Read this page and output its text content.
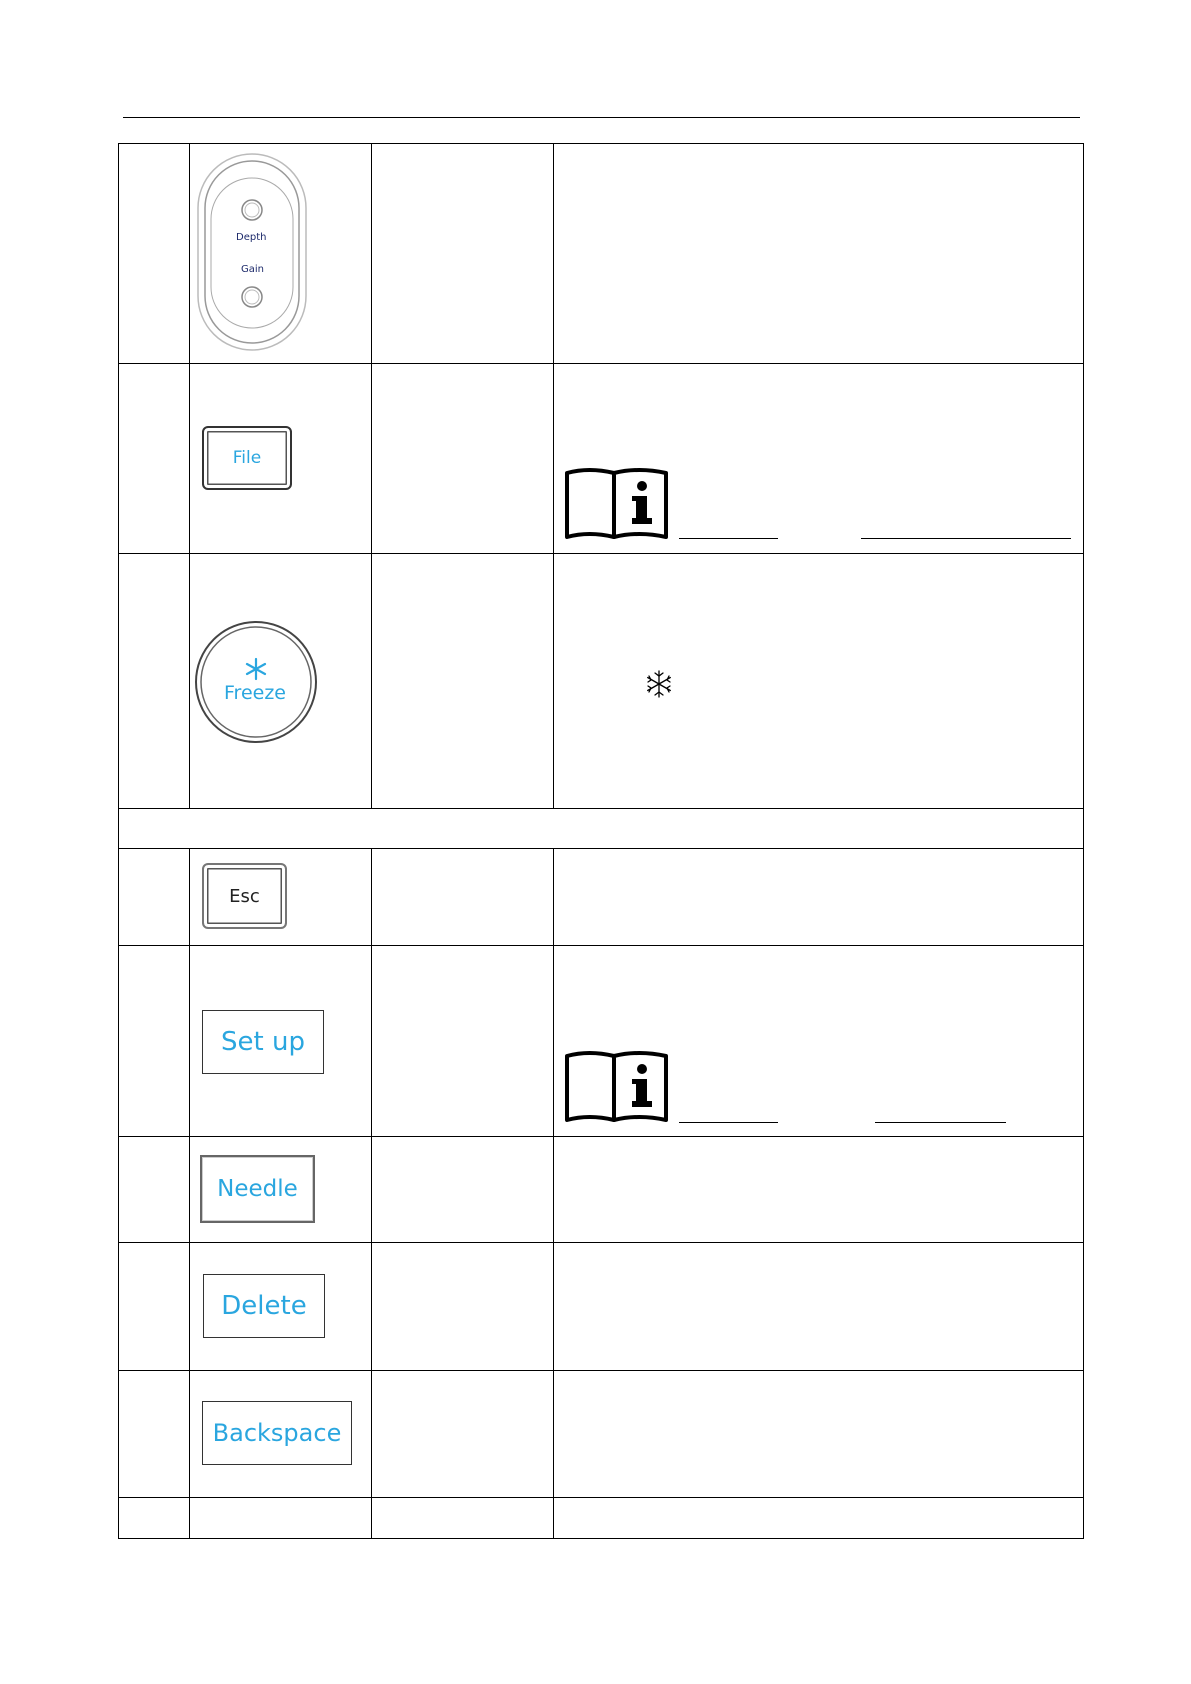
	Depth
Gain		

	File

	Freeze

	Esc		

	Set up

	Needle		

	Delete		

	Backspace		
